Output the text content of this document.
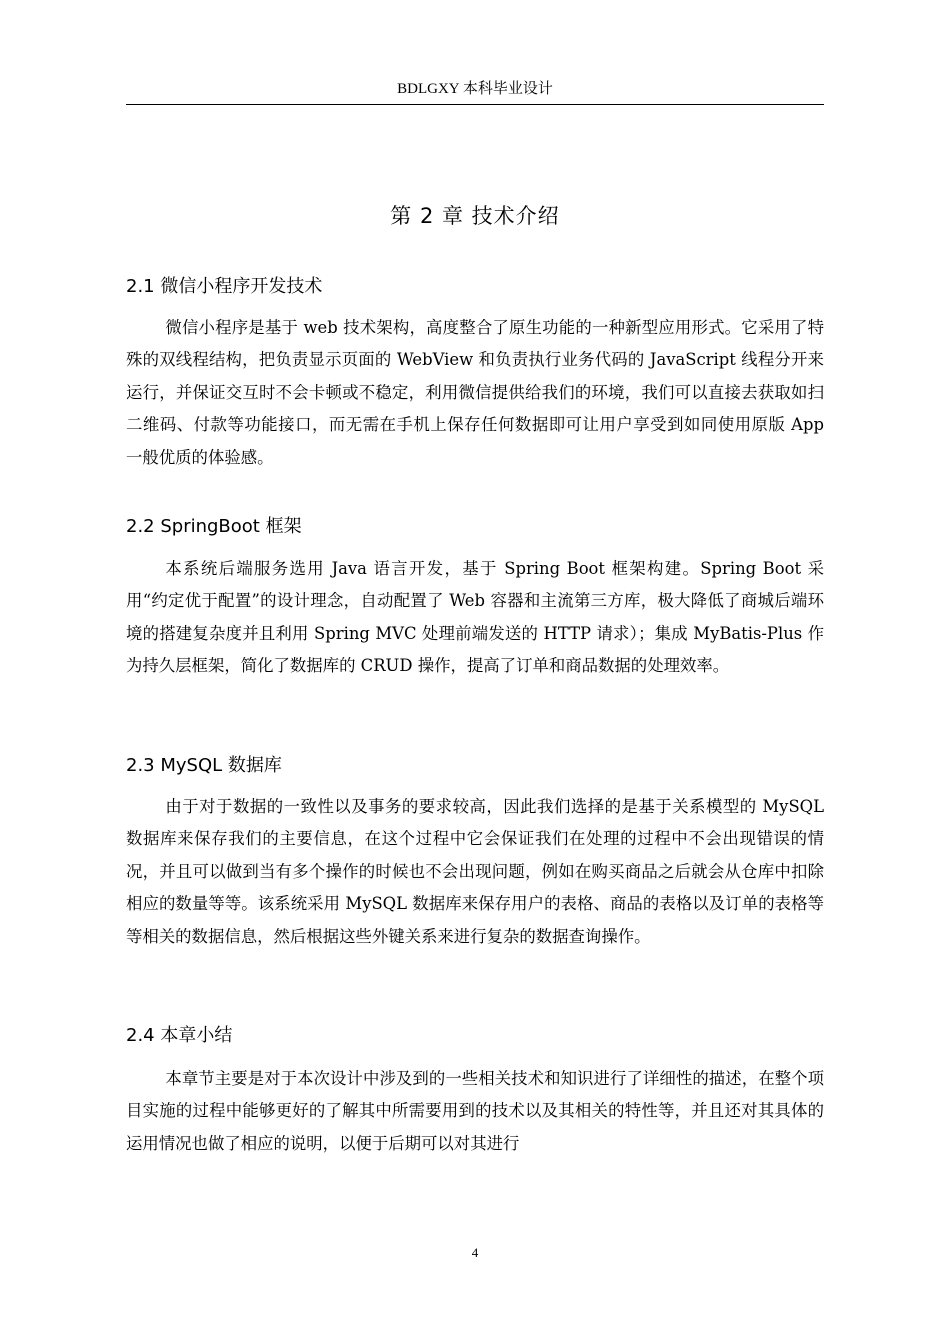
BDLGXY 本科毕业设计
第 2 章 技术介绍
2.1 微信小程序开发技术

微信小程序是基于 web 技术架构，高度整合了原生功能的一种新型应用形式。它采用了特殊的双线程结构，把负责显示页面的 WebView 和负责执行业务代码的 JavaScript 线程分开来运行，并保证交互时不会卡顿或不稳定，利用微信提供给我们的环境，我们可以直接去获取如扫二维码、付款等功能接口，而无需在手机上保存任何数据即可让用户享受到如同使用原版 App 一般优质的体验感。

2.2 SpringBoot 框架

本系统后端服务选用 Java 语言开发，基于 Spring Boot 框架构建。Spring Boot 采用“约定优于配置”的设计理念，自动配置了 Web 容器和主流第三方库，极大降低了商城后端环境的搭建复杂度并且利用 Spring MVC 处理前端发送的 HTTP 请求）；集成 MyBatis-Plus 作为持久层框架，简化了数据库的 CRUD 操作，提高了订单和商品数据的处理效率。

2.3 MySQL 数据库

由于对于数据的一致性以及事务的要求较高，因此我们选择的是基于关系模型的 MySQL 数据库来保存我们的主要信息，在这个过程中它会保证我们在处理的过程中不会出现错误的情况，并且可以做到当有多个操作的时候也不会出现问题，例如在购买商品之后就会从仓库中扣除相应的数量等等。该系统采用 MySQL 数据库来保存用户的表格、商品的表格以及订单的表格等等相关的数据信息，然后根据这些外键关系来进行复杂的数据查询操作。

2.4 本章小结

本章节主要是对于本次设计中涉及到的一些相关技术和知识进行了详细性的描述，在整个项目实施的过程中能够更好的了解其中所需要用到的技术以及其相关的特性等，并且还对其具体的运用情况也做了相应的说明，以便于后期可以对其进行

4
